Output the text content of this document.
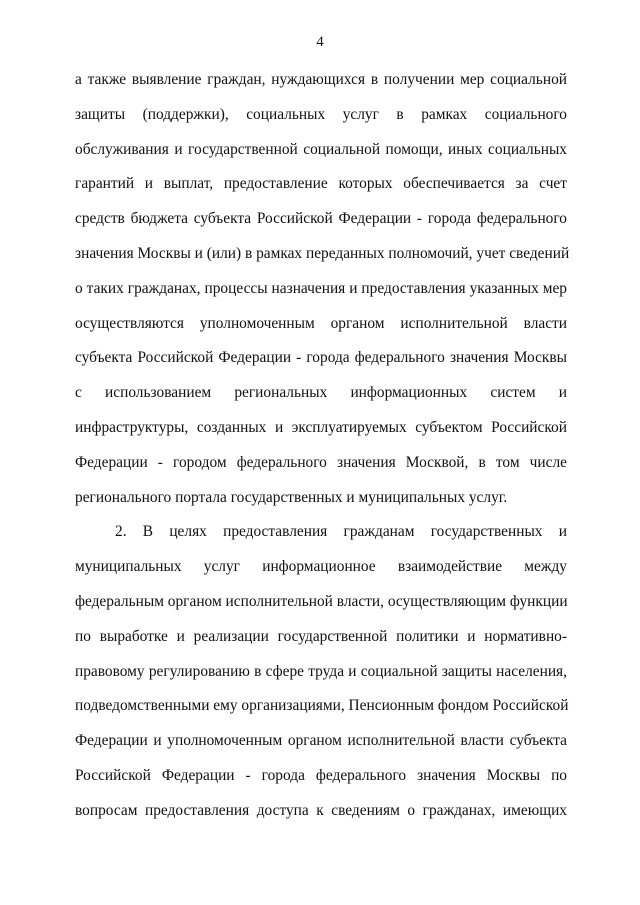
4
а также выявление граждан, нуждающихся в получении мер социальной
защиты (поддержки), социальных услуг в рамках социального
обслуживания и государственной социальной помощи, иных социальных
гарантий и выплат, предоставление которых обеспечивается за счет
средств бюджета субъекта Российской Федерации - города федерального
значения Москвы и (или) в рамках переданных полномочий, учет сведений
о таких гражданах, процессы назначения и предоставления указанных мер
осуществляются уполномоченным органом исполнительной власти
субъекта Российской Федерации - города федерального значения Москвы
с использованием региональных информационных систем и
инфраструктуры, созданных и эксплуатируемых субъектом Российской
Федерации - городом федерального значения Москвой, в том числе
регионального портала государственных и муниципальных услуг.
2. В целях предоставления гражданам государственных и
муниципальных услуг информационное взаимодействие между
федеральным органом исполнительной власти, осуществляющим функции
по выработке и реализации государственной политики и нормативно-
правовому регулированию в сфере труда и социальной защиты населения,
подведомственными ему организациями, Пенсионным фондом Российской
Федерации и уполномоченным органом исполнительной власти субъекта
Российской Федерации - города федерального значения Москвы по
вопросам предоставления доступа к сведениям о гражданах, имеющих
